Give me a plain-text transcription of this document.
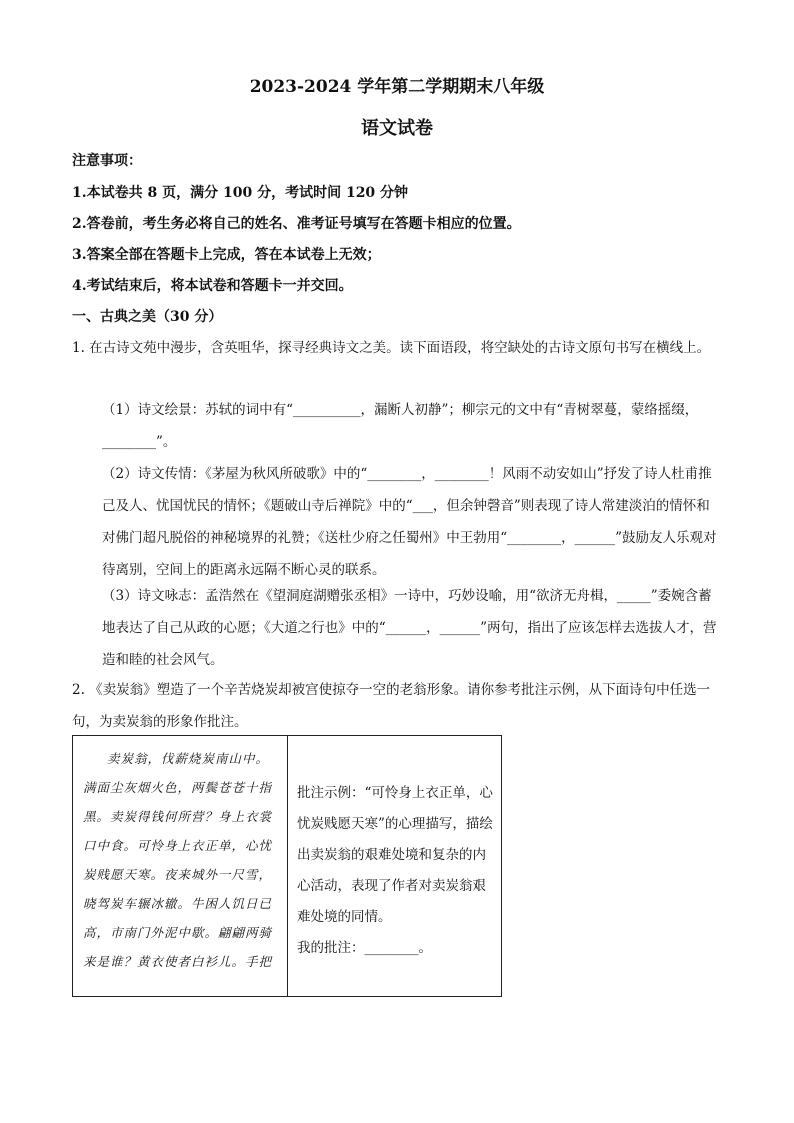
2023-2024 学年第二学期期末八年级
语文试卷
注意事项：
1.本试卷共 8 页，满分 100 分，考试时间 120 分钟
2.答卷前，考生务必将自己的姓名、准考证号填写在答题卡相应的位置。
3.答案全部在答题卡上完成，答在本试卷上无效；
4.考试结束后，将本试卷和答题卡一并交回。
一、古典之美（30 分）
1. 在古诗文苑中漫步，含英咀华，探寻经典诗文之美。读下面语段，将空缺处的古诗文原句书写在横线上。
（1）诗文绘景：苏轼的词中有“__________，漏断人初静”；柳宗元的文中有“青树翠蔓，蒙络摇缀，________”。
（2）诗文传情：《茅屋为秋风所破歌》中的“________，________！风雨不动安如山”抒发了诗人杜甫推己及人、忧国忧民的情怀；《题破山寺后禅院》中的“___，但余钟磬音”则表现了诗人常建淡泊的情怀和对佛门超凡脱俗的神秘境界的礼赞；《送杜少府之任蜀州》中王勃用“________，______”鼓励友人乐观对待离别，空间上的距离永远隔不断心灵的联系。
（3）诗文咏志：孟浩然在《望洞庭湖赠张丞相》一诗中，巧妙设喻，用“欲济无舟楫，_____”委婉含蓄地表达了自己从政的心愿；《大道之行也》中的“______，______”两句，指出了应该怎样去选拔人才，营造和睦的社会风气。
2. 《卖炭翁》塑造了一个辛苦烧炭却被宫使掠夺一空的老翁形象。请你参考批注示例，从下面诗句中任选一句，为卖炭翁的形象作批注。
卖炭翁，伐薪烧炭南山中。
满面尘灰烟火色，两鬓苍苍十指黑。卖炭得钱何所营？身上衣裳口中食。可怜身上衣正单，心忧炭贱愿天寒。夜来城外一尺雪，晓驾炭车辗冰辙。牛困人饥日已高，市南门外泥中歇。翩翩两骑来是谁？黄衣使者白衫儿。手把
批注示例：“可怜身上衣正单，心忧炭贱愿天寒”的心理描写，描绘出卖炭翁的艰难处境和复杂的内心活动，表现了作者对卖炭翁艰难处境的同情。
我的批注：________。
